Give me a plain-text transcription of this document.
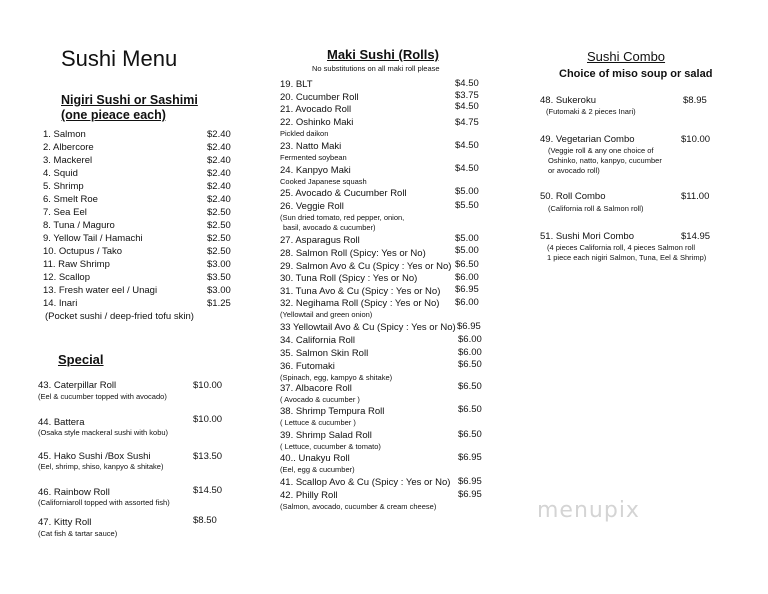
Sushi Menu
Nigiri Sushi or Sashimi
(one pieace each)
1. Salmon	$2.40
2. Albercore	$2.40
3. Mackerel	$2.40
4. Squid	$2.40
5. Shrimp	$2.40
6. Smelt Roe	$2.40
7. Sea Eel	$2.50
8. Tuna / Maguro	$2.50
9. Yellow Tail / Hamachi	$2.50
10. Octupus / Tako	$2.50
11. Raw Shrimp	$3.00
12. Scallop	$3.50
13. Fresh water eel / Unagi	$3.00
14. Inari	$1.25
(Pocket sushi / deep-fried tofu skin)
Special
43. Caterpillar Roll	$10.00
(Eel & cucumber topped with avocado)
44. Battera	$10.00
(Osaka style mackeral sushi with kobu)
45. Hako Sushi /Box Sushi	$13.50
(Eel, shrimp, shiso, kanpyo & shitake)
46. Rainbow Roll	$14.50
(Californiaroll topped with assorted fish)
47. Kitty Roll	$8.50
(Cat fish & tartar sauce)
Maki Sushi (Rolls)
No substitutions on all maki roll please
19. BLT	$4.50
20. Cucumber Roll	$3.75
21. Avocado Roll	$4.50
22. Oshinko Maki	$4.75
Pickled daikon
23. Natto Maki	$4.50
Fermented soybean
24. Kanpyo Maki	$4.50
Cooked Japanese squash
25. Avocado & Cucumber Roll	$5.00
26. Veggie Roll	$5.50
(Sun dried tomato, red pepper, onion,
basil, avocado & cucumber)
27. Asparagus Roll	$5.00
28. Salmon Roll (Spicy: Yes or No)	$5.00
29. Salmon Avo & Cu (Spicy : Yes or No) $6.50
30. Tuna Roll (Spicy : Yes or No)	$6.00
31. Tuna Avo & Cu (Spicy : Yes or No) $6.95
32. Negihama Roll (Spicy : Yes or No) $6.00
(Yellowtail and green onion)
33 Yellowtail Avo & Cu (Spicy : Yes or No) $6.95
34. California Roll	$6.00
35. Salmon Skin Roll	$6.00
36. Futomaki	$6.50
(Spinach, egg, kampyo & shitake)
37. Albacore Roll	$6.50
( Avocado & cucumber )
38. Shrimp Tempura Roll	$6.50
( Lettuce & cucumber )
39. Shrimp Salad Roll	$6.50
( Lettuce, cucumber & tomato)
40.. Unakyu Roll	$6.95
(Eel, egg & cucumber)
41. Scallop Avo & Cu (Spicy : Yes or No) $6.95
42. Philly Roll	$6.95
(Salmon, avocado, cucumber & cream cheese)
Sushi Combo
Choice of miso soup or salad
48. Sukeroku	$8.95
(Futomaki & 2 pieces Inari)
49. Vegetarian Combo	$10.00
(Veggie roll & any one choice of
Oshinko, natto, kanpyo, cucumber
or avocado roll)
50. Roll Combo	$11.00
(California roll & Salmon roll)
51. Sushi Mori Combo	$14.95
(4 pieces California roll, 4 pieces Salmon roll
1 piece each nigiri Salmon, Tuna, Eel & Shrimp)

menupix
